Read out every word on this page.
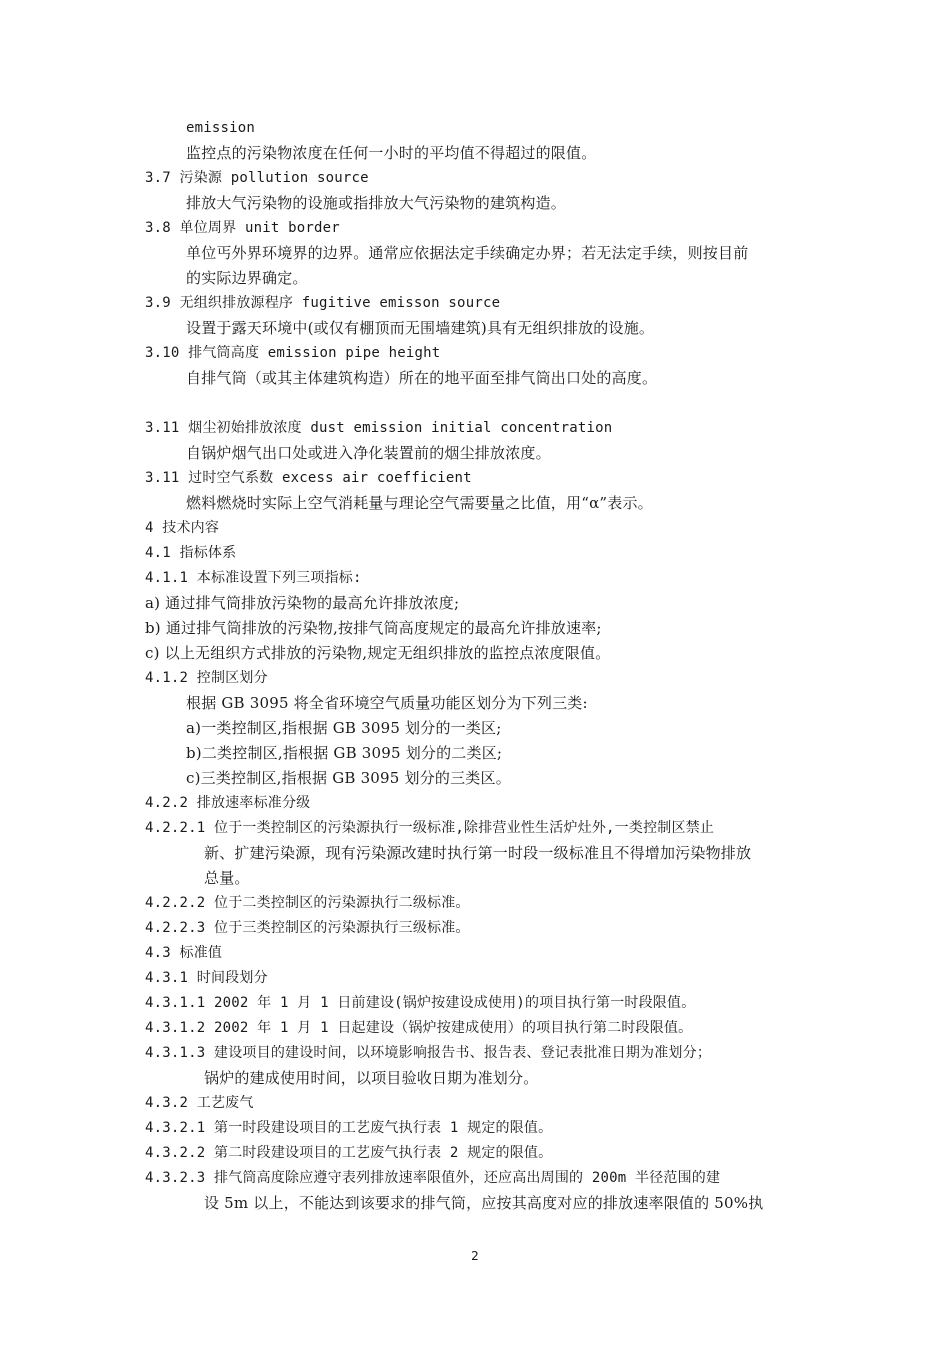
emission
监控点的污染物浓度在任何一小时的平均值不得超过的限值。
3.7 污染源 pollution source
排放大气污染物的设施或指排放大气污染物的建筑构造。
3.8 单位周界 unit border
单位丐外界环境界的边界。通常应依据法定手续确定办界；若无法定手续，则按目前
的实际边界确定。
3.9 无组织排放源程序 fugitive emisson source
设置于露天环境中(或仅有棚顶而无围墙建筑)具有无组织排放的设施。
3.10 排气筒高度 emission pipe height
自排气筒（或其主体建筑构造）所在的地平面至排气筒出口处的高度。
3.11 烟尘初始排放浓度 dust emission initial concentration
自锅炉烟气出口处或进入净化装置前的烟尘排放浓度。
3.11 过时空气系数 excess air coefficient
燃料燃烧时实际上空气消耗量与理论空气需要量之比值，用“α”表示。
4 技术内容
4.1 指标体系
4.1.1 本标准设置下列三项指标:
a) 通过排气筒排放污染物的最高允许排放浓度;
b) 通过排气筒排放的污染物,按排气筒高度规定的最高允许排放速率;
c) 以上无组织方式排放的污染物,规定无组织排放的监控点浓度限值。
4.1.2 控制区划分
根据 GB 3095 将全省环境空气质量功能区划分为下列三类:
a)一类控制区,指根据 GB 3095 划分的一类区;
b)二类控制区,指根据 GB 3095 划分的二类区;
c)三类控制区,指根据 GB 3095 划分的三类区。
4.2.2 排放速率标准分级
4.2.2.1 位于一类控制区的污染源执行一级标准,除排营业性生活炉灶外,一类控制区禁止
新、扩建污染源，现有污染源改建时执行第一时段一级标准且不得增加污染物排放
总量。
4.2.2.2 位于二类控制区的污染源执行二级标准。
4.2.2.3 位于三类控制区的污染源执行三级标准。
4.3 标准值
4.3.1 时间段划分
4.3.1.1 2002 年 1 月 1 日前建设(锅炉按建设成使用)的项目执行第一时段限值。
4.3.1.2 2002 年 1 月 1 日起建设（锅炉按建成使用）的项目执行第二时段限值。
4.3.1.3 建设项目的建设时间，以环境影响报告书、报告表、登记表批准日期为准划分；
锅炉的建成使用时间，以项目验收日期为准划分。
4.3.2 工艺废气
4.3.2.1 第一时段建设项目的工艺废气执行表 1 规定的限值。
4.3.2.2 第二时段建设项目的工艺废气执行表 2 规定的限值。
4.3.2.3 排气筒高度除应遵守表列排放速率限值外，还应高出周围的 200m 半径范围的建
设 5m 以上，不能达到该要求的排气筒，应按其高度对应的排放速率限值的 50%执
2
